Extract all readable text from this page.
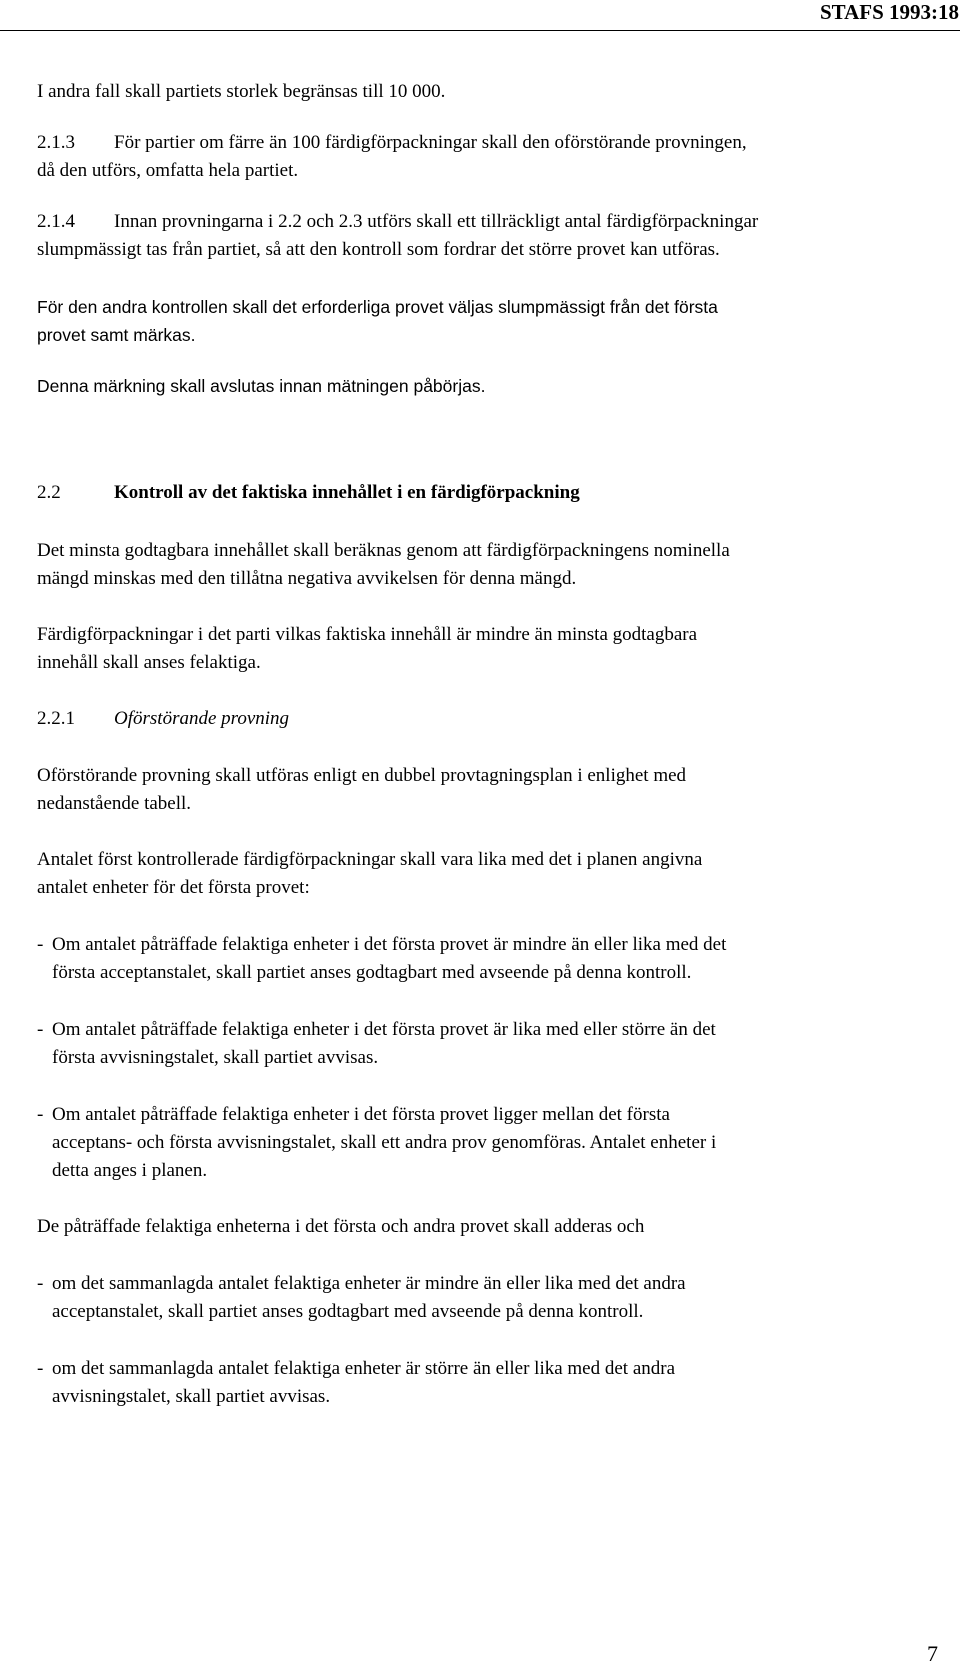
STAFS 1993:18
I andra fall skall partiets storlek begränsas till 10 000.
2.1.3 För partier om färre än 100 färdigförpackningar skall den oförstörande provningen,
då den utförs, omfatta hela partiet.
2.1.4 Innan provningarna i 2.2 och 2.3 utförs skall ett tillräckligt antal färdigförpackningar
slumpmässigt tas från partiet, så att den kontroll som fordrar det större provet kan utföras.
För den andra kontrollen skall det erforderliga provet väljas slumpmässigt från det första
provet samt märkas.
Denna märkning skall avslutas innan mätningen påbörjas.
2.2	Kontroll av det faktiska innehållet i en färdigförpackning
Det minsta godtagbara innehållet skall beräknas genom att färdigförpackningens nominella
mängd minskas med den tillåtna negativa avvikelsen för denna mängd.
Färdigförpackningar i det parti vilkas faktiska innehåll är mindre än minsta godtagbara
innehåll skall anses felaktiga.
2.2.1 Oförstörande provning
Oförstörande provning skall utföras enligt en dubbel provtagningsplan i enlighet med
nedanstående tabell.
Antalet först kontrollerade färdigförpackningar skall vara lika med det i planen angivna
antalet enheter för det första provet:
- Om antalet påträffade felaktiga enheter i det första provet är mindre än eller lika med det
första acceptanstalet, skall partiet anses godtagbart med avseende på denna kontroll.
- Om antalet påträffade felaktiga enheter i det första provet är lika med eller större än det
första avvisningstalet, skall partiet avvisas.
- Om antalet påträffade felaktiga enheter i det första provet ligger mellan det första
acceptans- och första avvisningstalet, skall ett andra prov genomföras. Antalet enheter i
detta anges i planen.
De påträffade felaktiga enheterna i det första och andra provet skall adderas och
- om det sammanlagda antalet felaktiga enheter är mindre än eller lika med det andra
acceptanstalet, skall partiet anses godtagbart med avseende på denna kontroll.
- om det sammanlagda antalet felaktiga enheter är större än eller lika med det andra
avvisningstalet, skall partiet avvisas.
7
